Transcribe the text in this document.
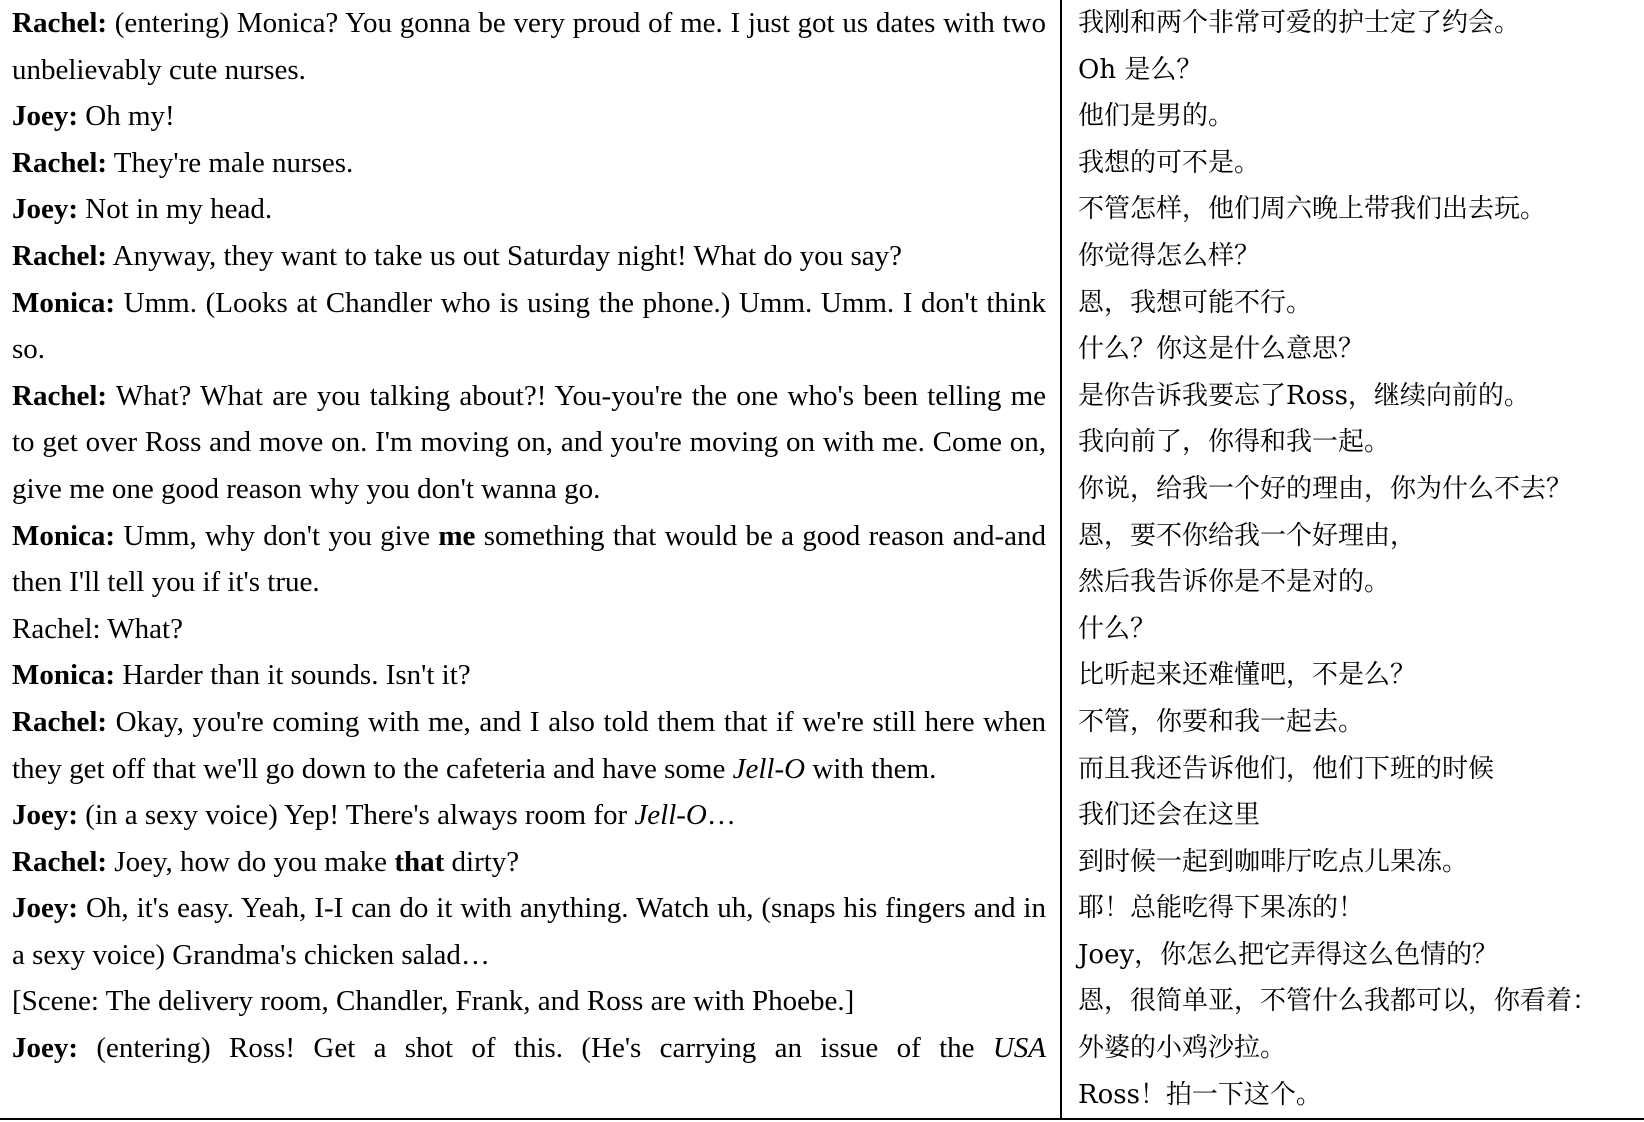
Rachel: (entering) Monica? You gonna be very proud of me. I just got us dates with two unbelievably cute nurses.

Joey: Oh my!

Rachel: They're male nurses.

Joey: Not in my head.

Rachel: Anyway, they want to take us out Saturday night! What do you say?

Monica: Umm. (Looks at Chandler who is using the phone.) Umm. Umm. I don't think so.

Rachel: What? What are you talking about?! You-you're the one who's been telling me to get over Ross and move on. I'm moving on, and you're moving on with me. Come on, give me one good reason why you don't wanna go.

Monica: Umm, why don't you give me something that would be a good reason and-and then I'll tell you if it's true.

Rachel: What?

Monica: Harder than it sounds. Isn't it?

Rachel: Okay, you're coming with me, and I also told them that if we're still here when they get off that we'll go down to the cafeteria and have some Jell-O with them.

Joey: (in a sexy voice) Yep! There's always room for Jell-O…

Rachel: Joey, how do you make that dirty?

Joey: Oh, it's easy. Yeah, I-I can do it with anything. Watch uh, (snaps his fingers and in a sexy voice) Grandma's chicken salad…

[Scene: The delivery room, Chandler, Frank, and Ross are with Phoebe.]

Joey: (entering) Ross! Get a shot of this. (He's carrying an issue of the USA

我刚和两个非常可爱的护士定了约会。
Oh 是么？
他们是男的。
我想的可不是。
不管怎样，他们周六晚上带我们出去玩。
你觉得怎么样？
恩，我想可能不行。
什么？你这是什么意思？
是你告诉我要忘了Ross，继续向前的。
我向前了，你得和我一起。
你说，给我一个好的理由，你为什么不去？
恩，要不你给我一个好理由，
然后我告诉你是不是对的。
什么？
比听起来还难懂吧，不是么？
不管，你要和我一起去。
而且我还告诉他们，他们下班的时候
我们还会在这里
到时候一起到咖啡厅吃点儿果冻。
耶！总能吃得下果冻的！
Joey，你怎么把它弄得这么色情的？
恩，很简单亚，不管什么我都可以，你看着：
外婆的小鸡沙拉。
Ross！拍一下这个。
